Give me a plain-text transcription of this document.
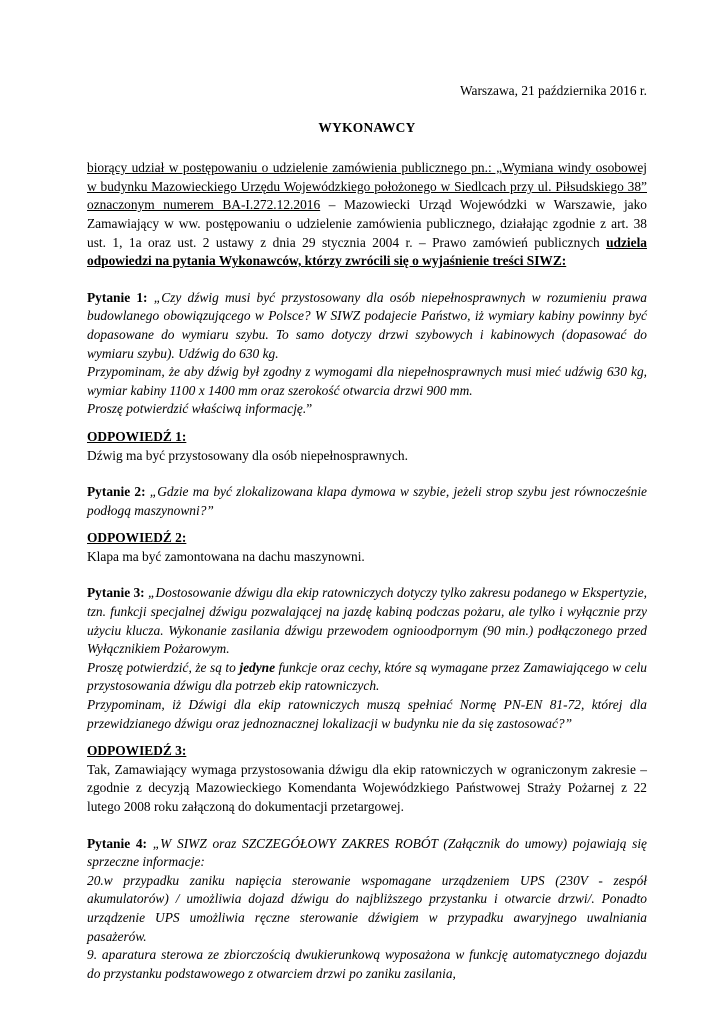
Warszawa, 21 października 2016 r.

WYKONAWCY

biorący udział w postępowaniu o udzielenie zamówienia publicznego pn.: „Wymiana windy osobowej w budynku Mazowieckiego Urzędu Wojewódzkiego położonego w Siedlcach przy ul. Piłsudskiego 38” oznaczonym numerem BA-I.272.12.2016 – Mazowiecki Urząd Wojewódzki w Warszawie, jako Zamawiający w ww. postępowaniu o udzielenie zamówienia publicznego, działając zgodnie z art. 38 ust. 1, 1a oraz ust. 2 ustawy z dnia 29 stycznia 2004 r. – Prawo zamówień publicznych udziela odpowiedzi na pytania Wykonawców, którzy zwrócili się o wyjaśnienie treści SIWZ:

Pytanie 1: „Czy dźwig musi być przystosowany dla osób niepełnosprawnych w rozumieniu prawa budowlanego obowiązującego w Polsce? W SIWZ podajecie Państwo, iż wymiary kabiny powinny być dopasowane do wymiaru szybu. To samo dotyczy drzwi szybowych i kabinowych (dopasować do wymiaru szybu). Udźwig do 630 kg.

Przypominam, że aby dźwig był zgodny z wymogami dla niepełnosprawnych musi mieć udźwig 630 kg, wymiar kabiny 1100 x 1400 mm oraz szerokość otwarcia drzwi 900 mm.

Proszę potwierdzić właściwą informację.”

ODPOWIEDŹ 1:

Dźwig ma być przystosowany dla osób niepełnosprawnych.

Pytanie 2: „Gdzie ma być zlokalizowana klapa dymowa w szybie, jeżeli strop szybu jest równocześnie podłogą maszynowni?”

ODPOWIEDŹ 2:

Klapa ma być zamontowana na dachu maszynowni.

Pytanie 3: „Dostosowanie dźwigu dla ekip ratowniczych dotyczy tylko zakresu podanego w Ekspertyzie, tzn. funkcji specjalnej dźwigu pozwalającej na jazdę kabiną podczas pożaru, ale tylko i wyłącznie przy użyciu klucza. Wykonanie zasilania dźwigu przewodem ognioodpornym (90 min.) podłączonego przed Wyłącznikiem Pożarowym.

Proszę potwierdzić, że są to jedyne funkcje oraz cechy, które są wymagane przez Zamawiającego w celu przystosowania dźwigu dla potrzeb ekip ratowniczych.

Przypominam, iż Dźwigi dla ekip ratowniczych muszą spełniać Normę PN-EN 81-72, której dla przewidzianego dźwigu oraz jednoznacznej lokalizacji w budynku nie da się zastosować?”

ODPOWIEDŹ 3:

Tak, Zamawiający wymaga przystosowania dźwigu dla ekip ratowniczych w ograniczonym zakresie – zgodnie z decyzją Mazowieckiego Komendanta Wojewódzkiego Państwowej Straży Pożarnej z 22 lutego 2008 roku załączoną do dokumentacji przetargowej.

Pytanie 4: „W SIWZ oraz SZCZEGÓŁOWY ZAKRES ROBÓT (Załącznik do umowy) pojawiają się sprzeczne informacje:

20.w przypadku zaniku napięcia sterowanie wspomagane urządzeniem UPS (230V - zespół akumulatorów) / umożliwia dojazd dźwigu do najbliższego przystanku i otwarcie drzwi/. Ponadto urządzenie UPS umożliwia ręczne sterowanie dźwigiem w przypadku awaryjnego uwalniania pasażerów.

9. aparatura sterowa ze zbiorczością dwukierunkową wyposażona w funkcję automatycznego dojazdu do przystanku podstawowego z otwarciem drzwi po zaniku zasilania,
